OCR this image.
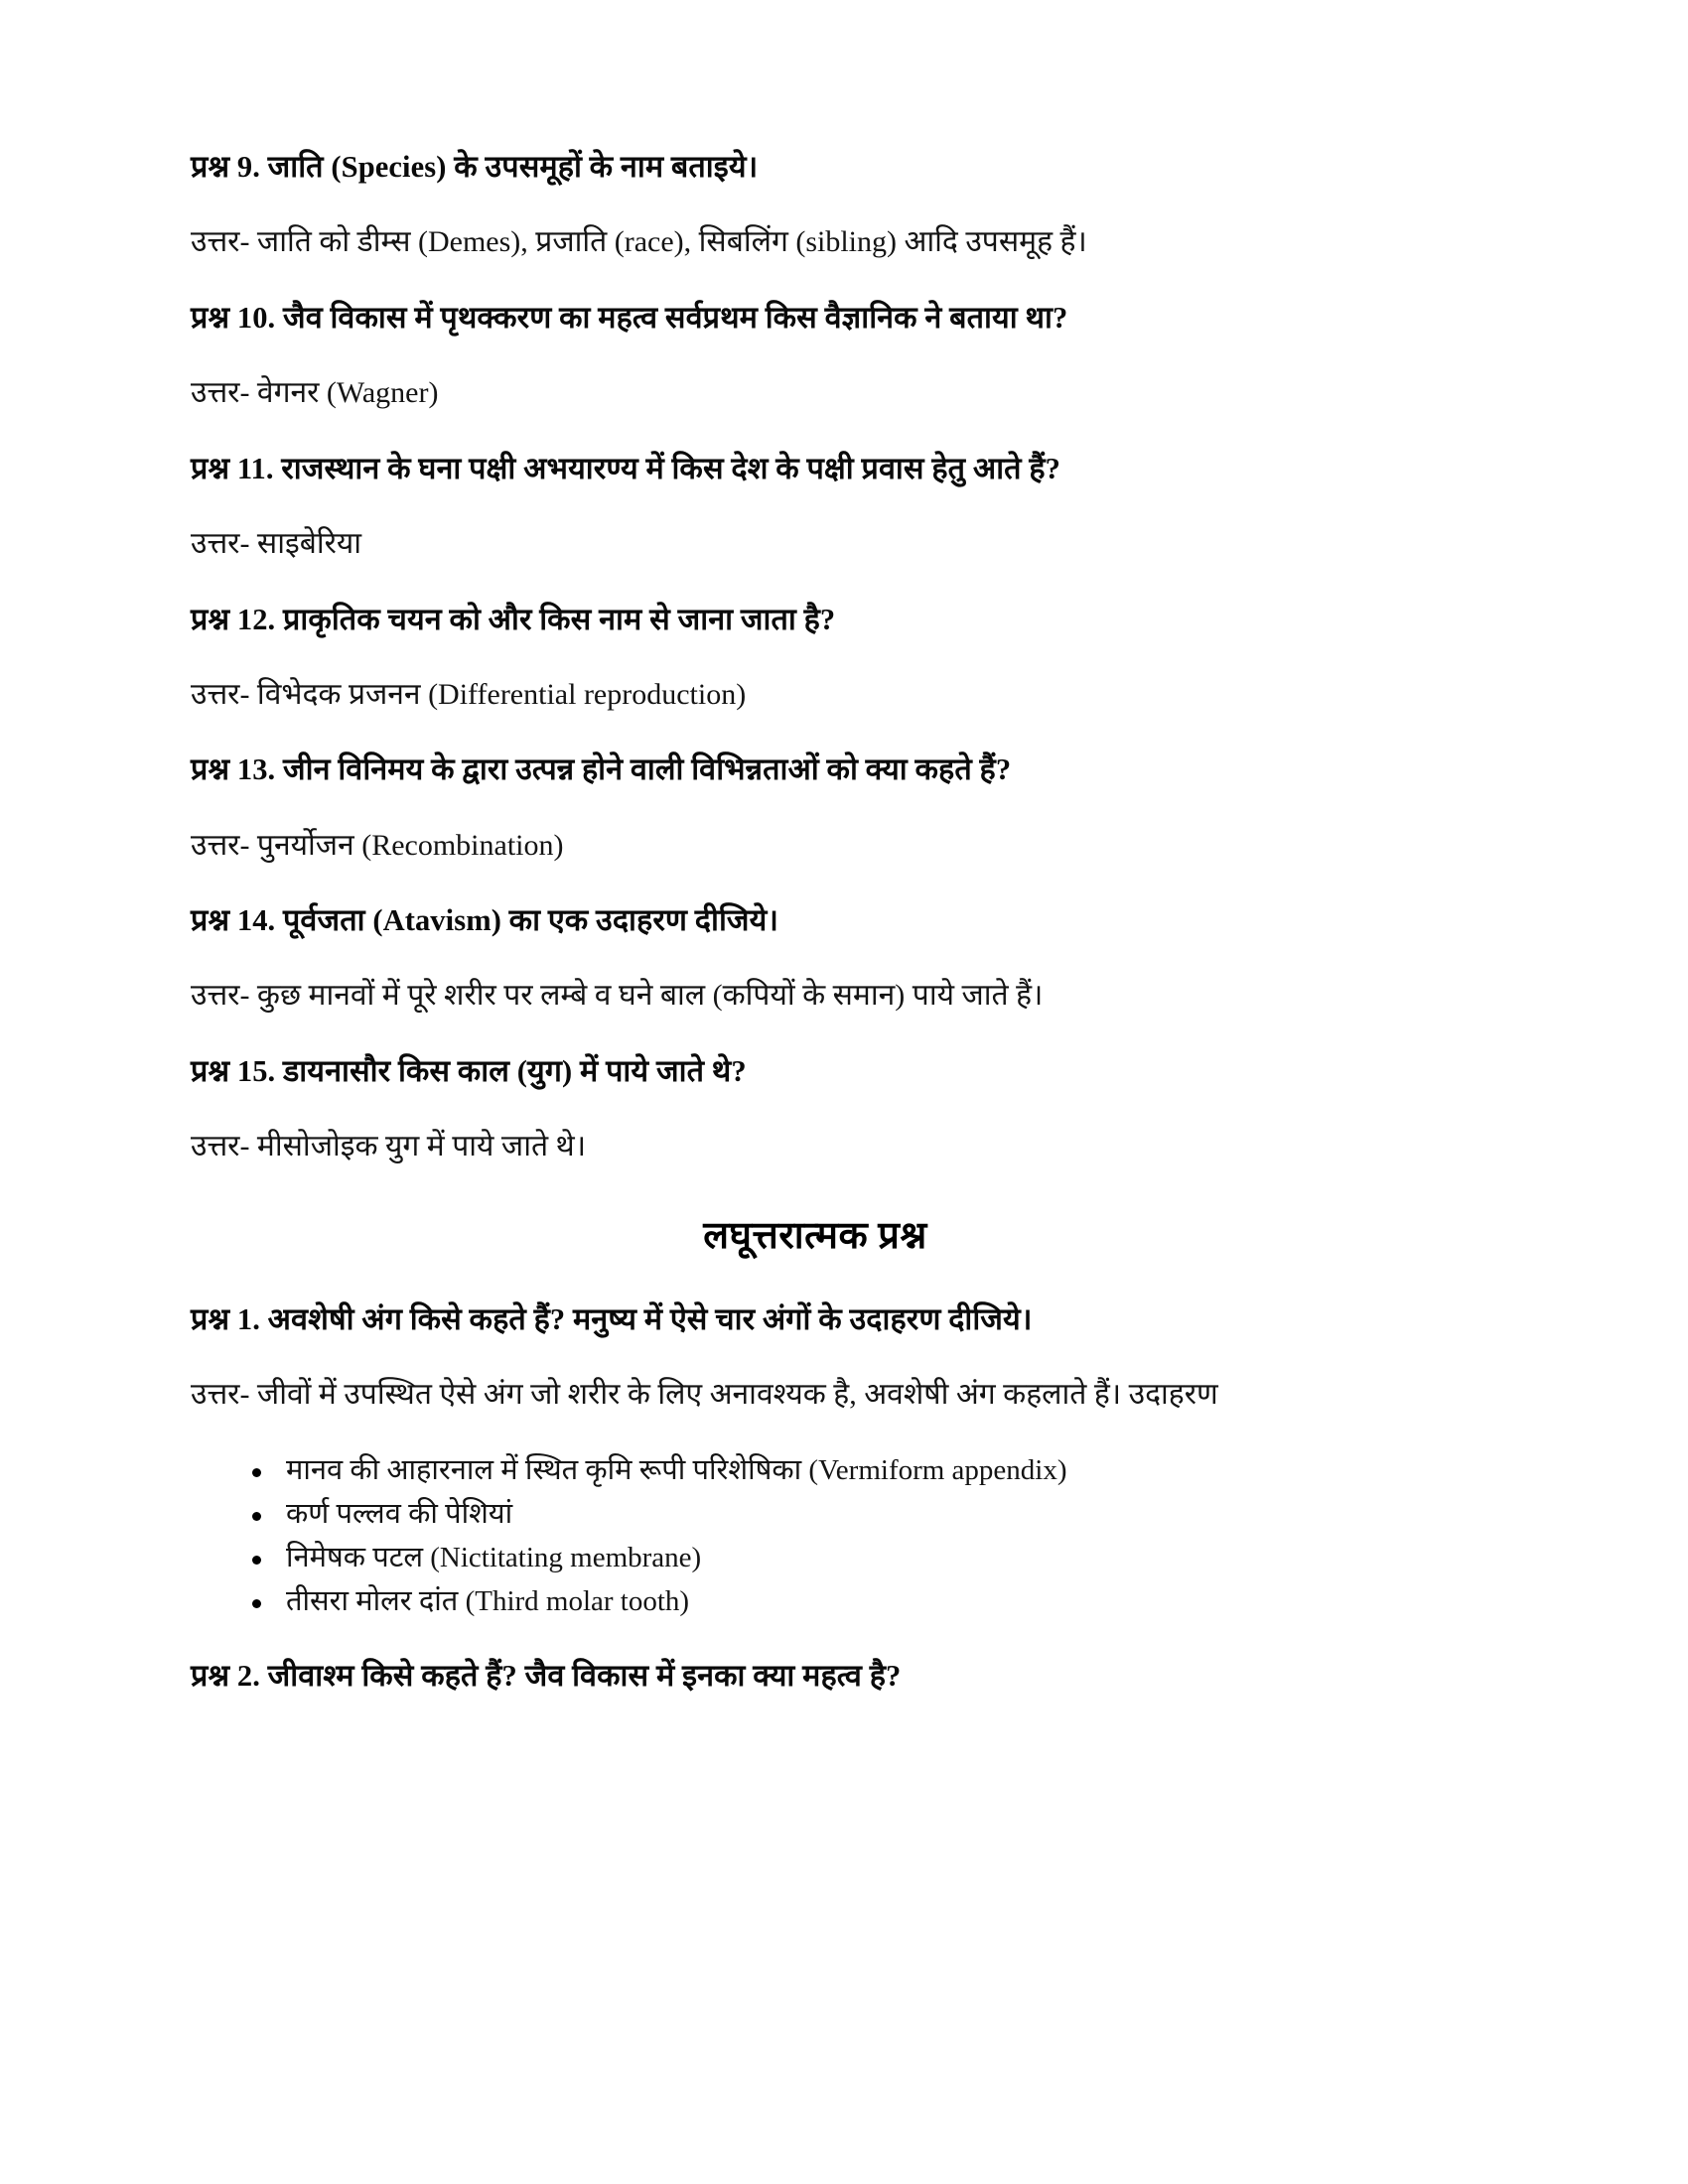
प्रश्न 9. जाति (Species) के उपसमूहों के नाम बताइये।

उत्तर- जाति को डीम्स (Demes), प्रजाति (race), सिबलिंग (sibling) आदि उपसमूह हैं।

प्रश्न 10. जैव विकास में पृथक्करण का महत्व सर्वप्रथम किस वैज्ञानिक ने बताया था?

उत्तर- वेगनर (Wagner)

प्रश्न 11. राजस्थान के घना पक्षी अभयारण्य में किस देश के पक्षी प्रवास हेतु आते हैं?

उत्तर- साइबेरिया

प्रश्न 12. प्राकृतिक चयन को और किस नाम से जाना जाता है?

उत्तर- विभेदक प्रजनन (Differential reproduction)

प्रश्न 13. जीन विनिमय के द्वारा उत्पन्न होने वाली विभिन्नताओं को क्या कहते हैं?

उत्तर- पुनर्योजन (Recombination)

प्रश्न 14. पूर्वजता (Atavism) का एक उदाहरण दीजिये।

उत्तर- कुछ मानवों में पूरे शरीर पर लम्बे व घने बाल (कपियों के समान) पाये जाते हैं।

प्रश्न 15. डायनासौर किस काल (युग) में पाये जाते थे?

उत्तर- मीसोजोइक युग में पाये जाते थे।

लघूत्तरात्मक प्रश्न

प्रश्न 1. अवशेषी अंग किसे कहते हैं? मनुष्य में ऐसे चार अंगों के उदाहरण दीजिये।

उत्तर- जीवों में उपस्थित ऐसे अंग जो शरीर के लिए अनावश्यक है, अवशेषी अंग कहलाते हैं। उदाहरण

मानव की आहारनाल में स्थित कृमि रूपी परिशेषिका (Vermiform appendix)
कर्ण पल्लव की पेशियां
निमेषक पटल (Nictitating membrane)
तीसरा मोलर दांत (Third molar tooth)

प्रश्न 2. जीवाश्म किसे कहते हैं? जैव विकास में इनका क्या महत्व है?
